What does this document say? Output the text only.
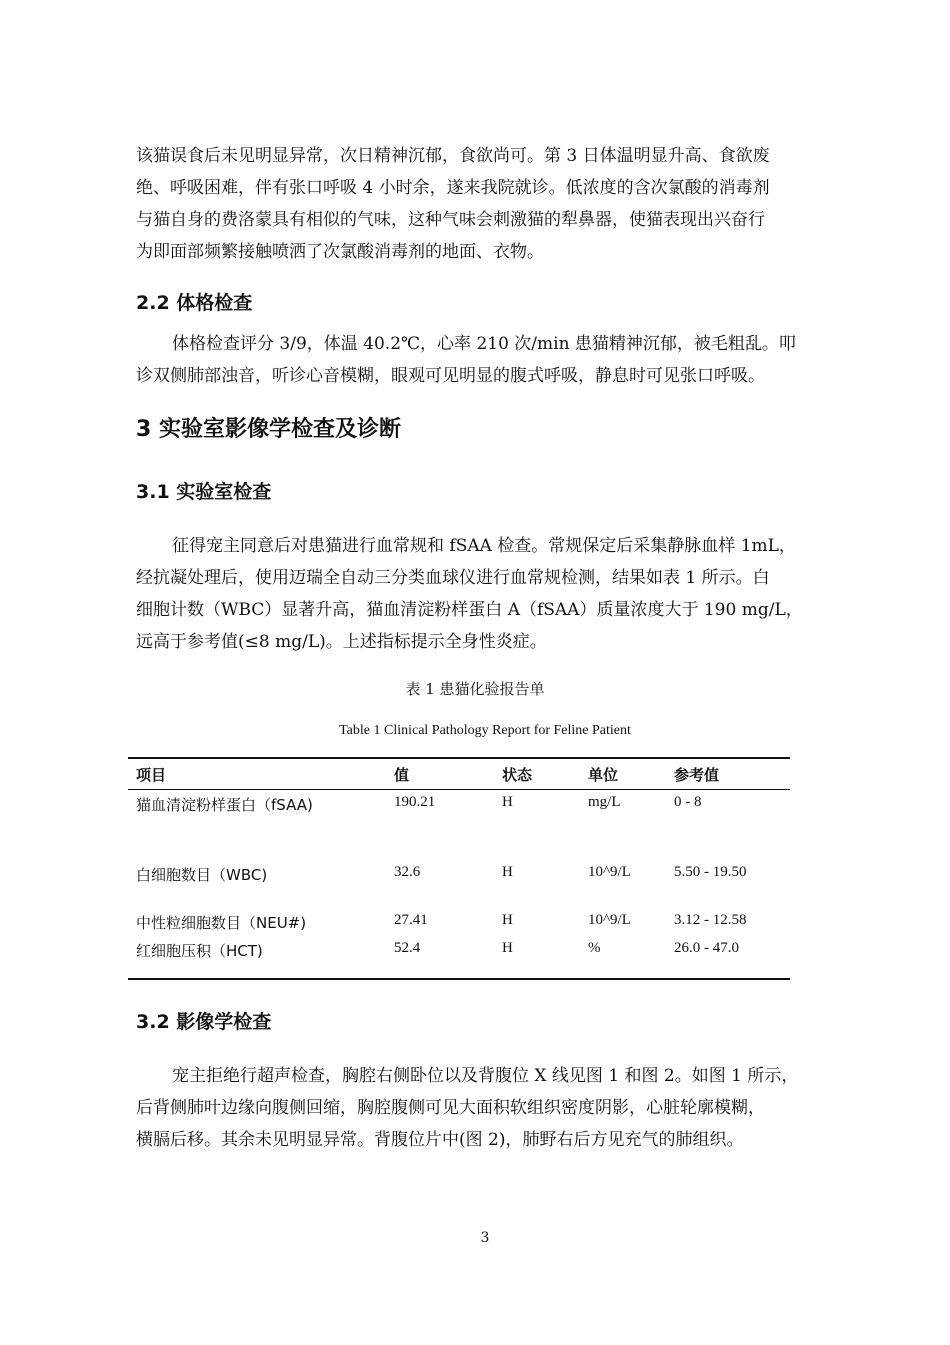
该猫误食后未见明显异常，次日精神沉郁，食欲尚可。第 3 日体温明显升高、食欲废
绝、呼吸困难，伴有张口呼吸 4 小时余，遂来我院就诊。低浓度的含次氯酸的消毒剂
与猫自身的费洛蒙具有相似的气味，这种气味会刺激猫的犁鼻器，使猫表现出兴奋行
为即面部频繁接触喷洒了次氯酸消毒剂的地面、衣物。
2.2 体格检查
体格检查评分 3/9，体温 40.2℃，心率 210 次/min 患猫精神沉郁，被毛粗乱。叩
诊双侧肺部浊音，听诊心音模糊，眼观可见明显的腹式呼吸，静息时可见张口呼吸。
3 实验室影像学检查及诊断
3.1 实验室检查
征得宠主同意后对患猫进行血常规和 fSAA 检查。常规保定后采集静脉血样 1mL，
经抗凝处理后，使用迈瑞全自动三分类血球仪进行血常规检测，结果如表 1 所示。白
细胞计数（WBC）显著升高，猫血清淀粉样蛋白 A（fSAA）质量浓度大于 190 mg/L，
远高于参考值(≤8 mg/L)。上述指标提示全身性炎症。

表 1 患猫化验报告单

Table 1 Clinical Pathology Report for Feline Patient

项目	值	状态	单位	参考值
猫血清淀粉样蛋白（fSAA)	190.21	H	mg/L	0 - 8
白细胞数目（WBC)	32.6	H	10^9/L	5.50 - 19.50
中性粒细胞数目（NEU#)	27.41	H	10^9/L	3.12 - 12.58
红细胞压积（HCT)	52.4	H	%	26.0 - 47.0
3.2 影像学检查
宠主拒绝行超声检查，胸腔右侧卧位以及背腹位 X 线见图 1 和图 2。如图 1 所示，
后背侧肺叶边缘向腹侧回缩，胸腔腹侧可见大面积软组织密度阴影，心脏轮廓模糊，
横膈后移。其余未见明显异常。背腹位片中(图 2)，肺野右后方见充气的肺组织。

3
